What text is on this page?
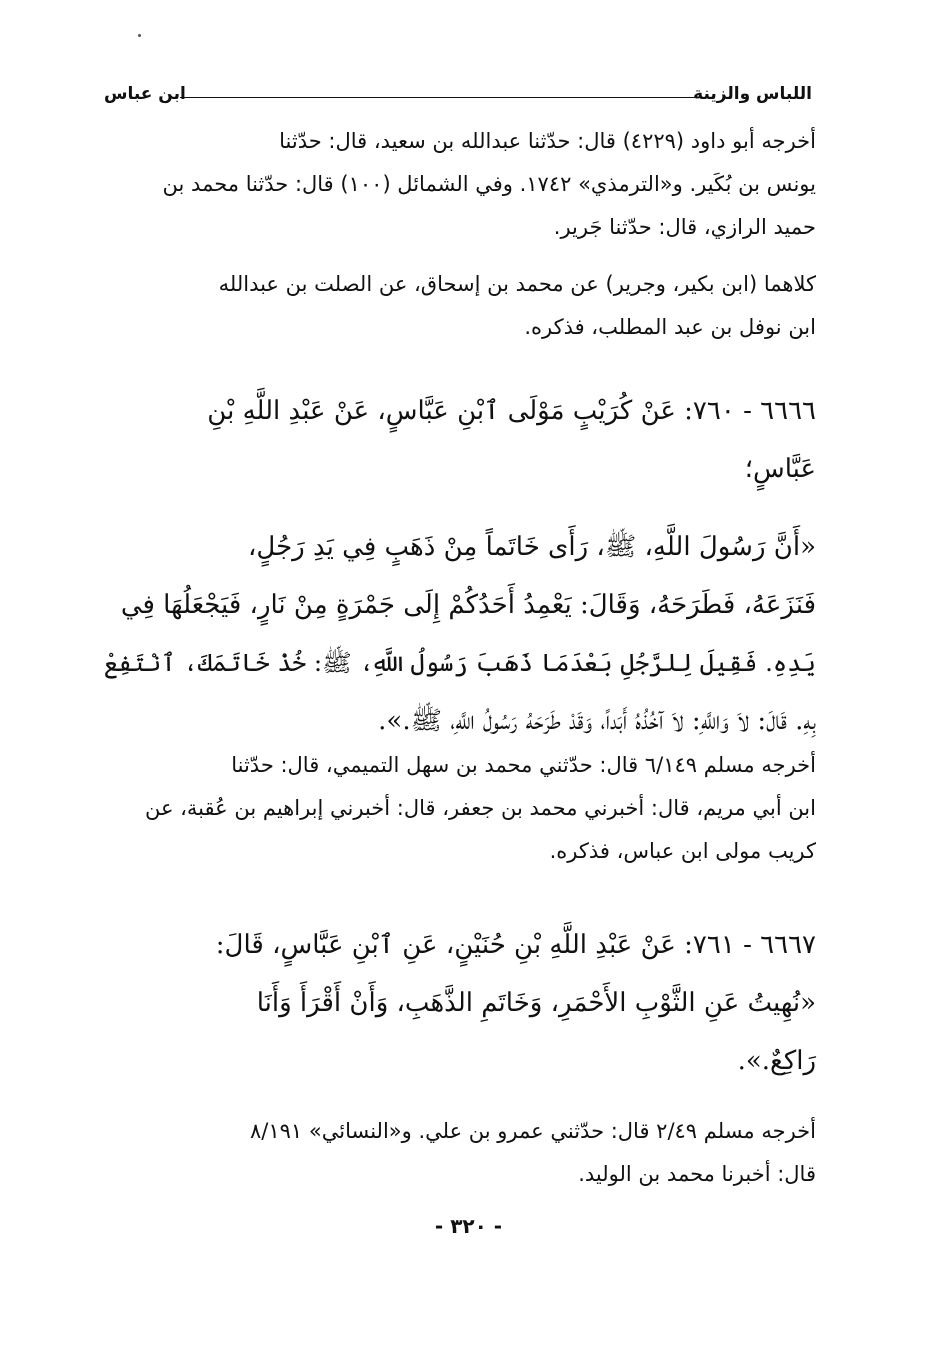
اللباس والزينة
ابن عباس
أخرجه أبو داود (٤٢٢٩) قال: حدّثنا عبدالله بن سعيد، قال: حدّثنا
يونس بن بُكَير. و«الترمذي» ١٧٤٢. وفي الشمائل (١٠٠) قال: حدّثنا محمد بن
حميد الرازي، قال: حدّثنا جَرير.
كلاهما (ابن بكير، وجرير) عن محمد بن إسحاق، عن الصلت بن عبدالله
ابن نوفل بن عبد المطلب، فذكره.
٦٦٦٦ - ٧٦٠: عَنْ كُرَيْبٍ مَوْلَى ٱبْنِ عَبَّاسٍ، عَنْ عَبْدِ اللَّهِ بْنِ
عَبَّاسٍ؛
«أَنَّ رَسُولَ اللَّهِ، ﷺ، رَأَى خَاتَماً مِنْ ذَهَبٍ فِي يَدِ رَجُلٍ،
فَنَزَعَهُ، فَطَرَحَهُ، وَقَالَ: يَعْمِدُ أَحَدُكُمْ إِلَى جَمْرَةٍ مِنْ نَارٍ، فَيَجْعَلُهَا فِي
يَدِهِ. فَقِيلَ لِلرَّجُلِ بَعْدَمَا ذَهَبَ رَسُولُ اللَّهِ، ﷺ: خُذْ خَاتَمَكَ، ٱنْتَفِعْ
بِهِ. قَالَ: لاَ وَاللَّهِ: لاَ آخُذُهُ أَبَداً، وَقَدْ طَرَحَهُ رَسُولُ اللَّهِ، ﷺ.».
أخرجه مسلم ٦/١٤٩ قال: حدّثني محمد بن سهل التميمي، قال: حدّثنا
ابن أبي مريم، قال: أخبرني محمد بن جعفر، قال: أخبرني إبراهيم بن عُقبة، عن
كريب مولى ابن عباس، فذكره.
٦٦٦٧ - ٧٦١: عَنْ عَبْدِ اللَّهِ بْنِ حُنَيْنٍ، عَنِ ٱبْنِ عَبَّاسٍ، قَالَ:
«نُهِيتُ عَنِ الثَّوْبِ الأَحْمَرِ، وَخَاتَمِ الذَّهَبِ، وَأَنْ أَقْرَأَ وَأَنَا
رَاكِعٌ.».
أخرجه مسلم ٢/٤٩ قال: حدّثني عمرو بن علي. و«النسائي» ٨/١٩١
قال: أخبرنا محمد بن الوليد.
- ٣٢٠ -
